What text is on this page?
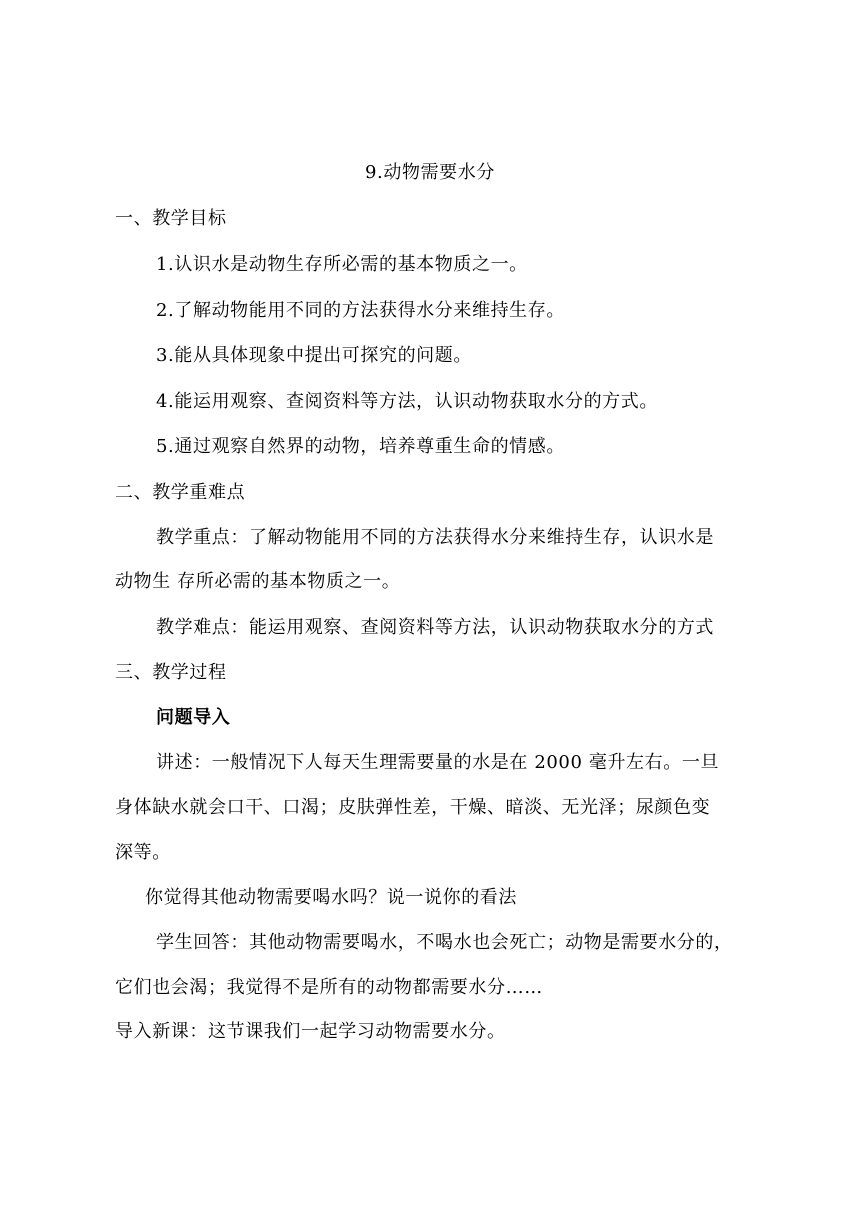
9.动物需要水分
一、教学目标
1.认识水是动物生存所必需的基本物质之一。
2.了解动物能用不同的方法获得水分来维持生存。
3.能从具体现象中提出可探究的问题。
4.能运用观察、查阅资料等方法，认识动物获取水分的方式。
5.通过观察自然界的动物，培养尊重生命的情感。
二、教学重难点
教学重点：了解动物能用不同的方法获得水分来维持生存，认识水是
动物生 存所必需的基本物质之一。
教学难点：能运用观察、查阅资料等方法，认识动物获取水分的方式
三、教学过程
问题导入
讲述：一般情况下人每天生理需要量的水是在 2000 毫升左右。一旦
身体缺水就会口干、口渴；皮肤弹性差，干燥、暗淡、无光泽；尿颜色变
深等。
你觉得其他动物需要喝水吗？说一说你的看法
学生回答：其他动物需要喝水，不喝水也会死亡；动物是需要水分的，
它们也会渴；我觉得不是所有的动物都需要水分……
导入新课：这节课我们一起学习动物需要水分。
